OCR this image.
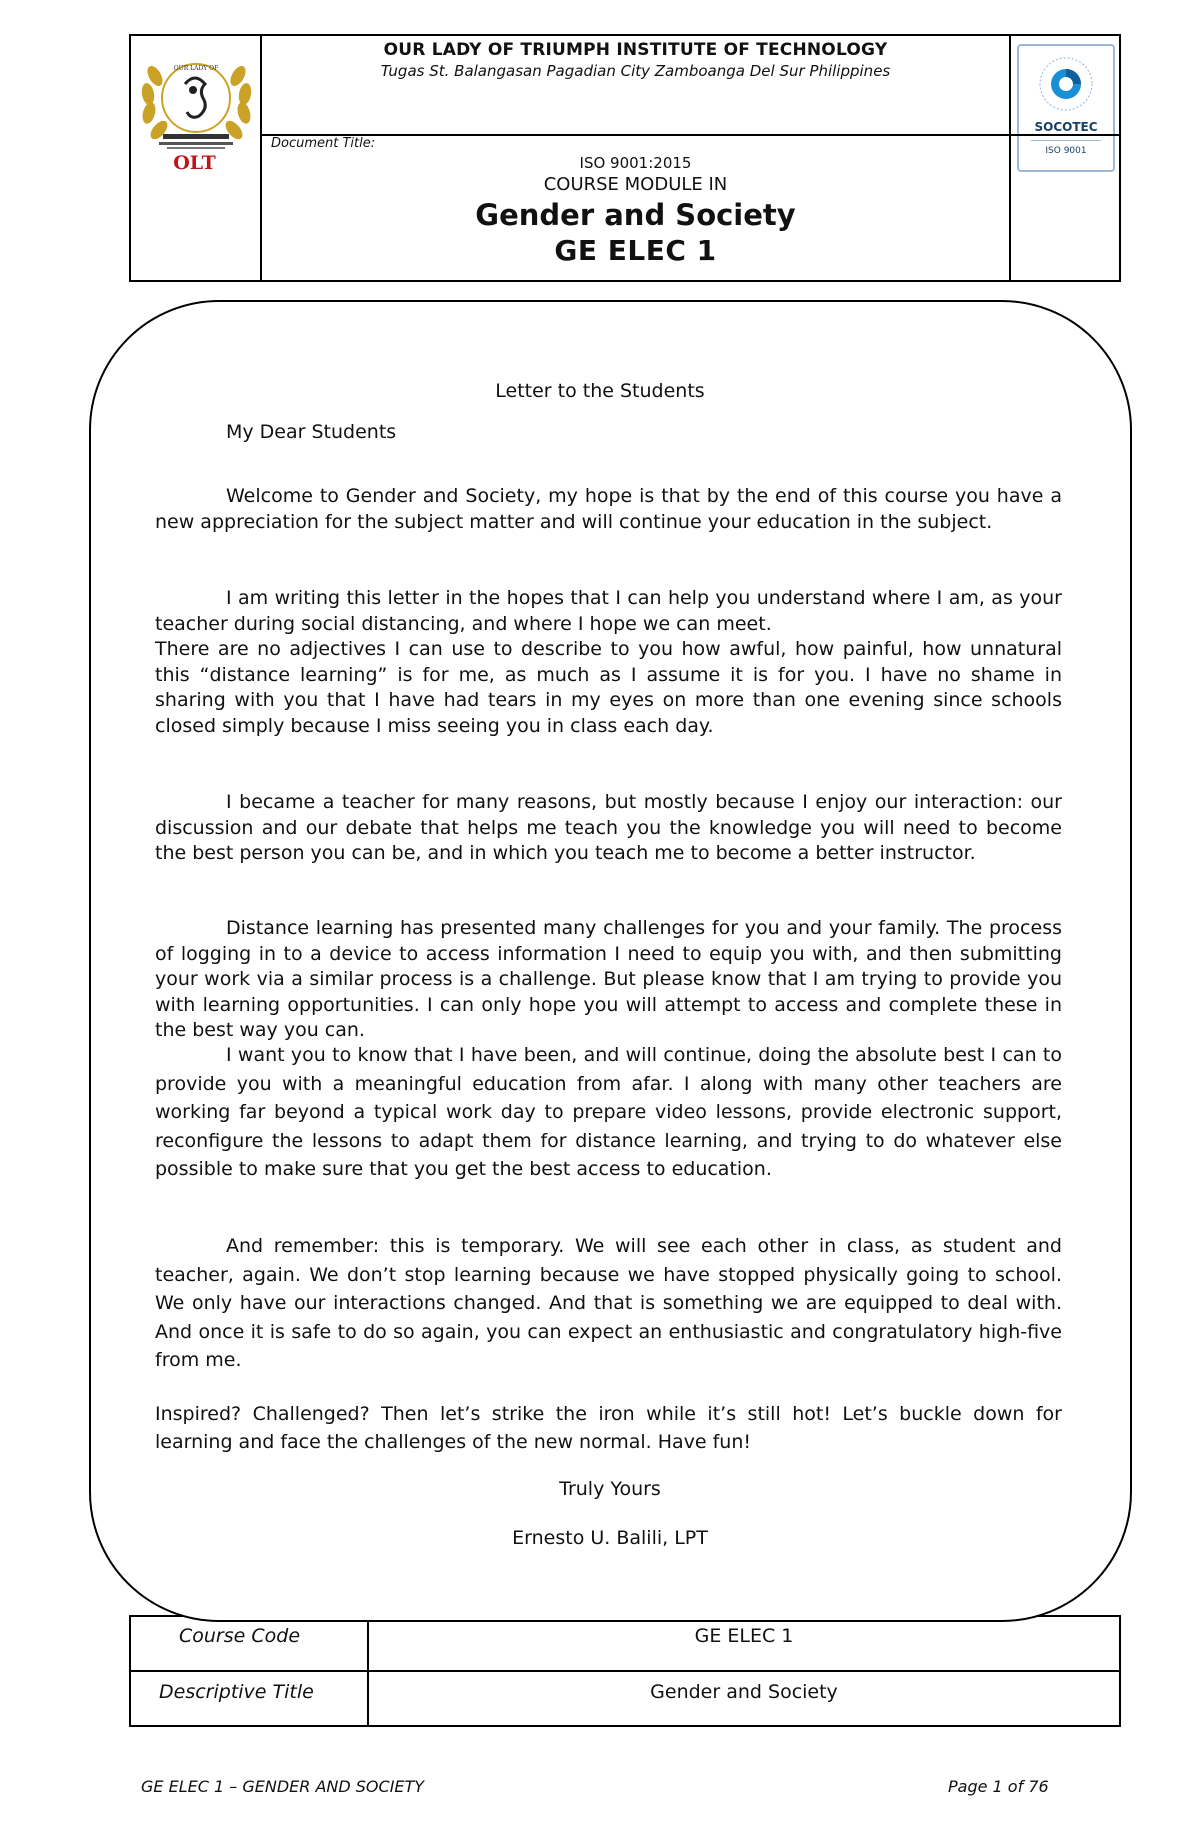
OUR LADY OF
OLT
OUR LADY OF TRIUMPH INSTITUTE OF TECHNOLOGY
Tugas St. Balangasan Pagadian City Zamboanga Del Sur Philippines
Document Title:
ISO 9001:2015
COURSE MODULE IN
Gender and Society
GE ELEC 1
SOCOTEC
ISO 9001
Course Code	GE ELEC 1
Descriptive Title	Gender and Society
Letter to the Students
My Dear Students
Welcome to Gender and Society, my hope is that by the end of this course you have a new appreciation for the subject matter and will continue your education in the subject.
I am writing this letter in the hopes that I can help you understand where I am, as your teacher during social distancing, and where I hope we can meet.
There are no adjectives I can use to describe to you how awful, how painful, how unnatural this “distance learning” is for me, as much as I assume it is for you. I have no shame in sharing with you that I have had tears in my eyes on more than one evening since schools closed simply because I miss seeing you in class each day.
I became a teacher for many reasons, but mostly because I enjoy our interaction: our discussion and our debate that helps me teach you the knowledge you will need to become the best person you can be, and in which you teach me to become a better instructor.
Distance learning has presented many challenges for you and your family. The process of logging in to a device to access information I need to equip you with, and then submitting your work via a similar process is a challenge. But please know that I am trying to provide you with learning opportunities. I can only hope you will attempt to access and complete these in the best way you can.
I want you to know that I have been, and will continue, doing the absolute best I can to provide you with a meaningful education from afar. I along with many other teachers are working far beyond a typical work day to prepare video lessons, provide electronic support, reconfigure the lessons to adapt them for distance learning, and trying to do whatever else possible to make sure that you get the best access to education.
And remember: this is temporary. We will see each other in class, as student and teacher, again. We don’t stop learning because we have stopped physically going to school. We only have our interactions changed. And that is something we are equipped to deal with. And once it is safe to do so again, you can expect an enthusiastic and congratulatory high-five from me.
Inspired? Challenged? Then let’s strike the iron while it’s still hot! Let’s buckle down for learning and face the challenges of the new normal. Have fun!
Truly Yours
Ernesto U. Balili, LPT
GE ELEC 1 – GENDER AND SOCIETY	Page 1 of 76
